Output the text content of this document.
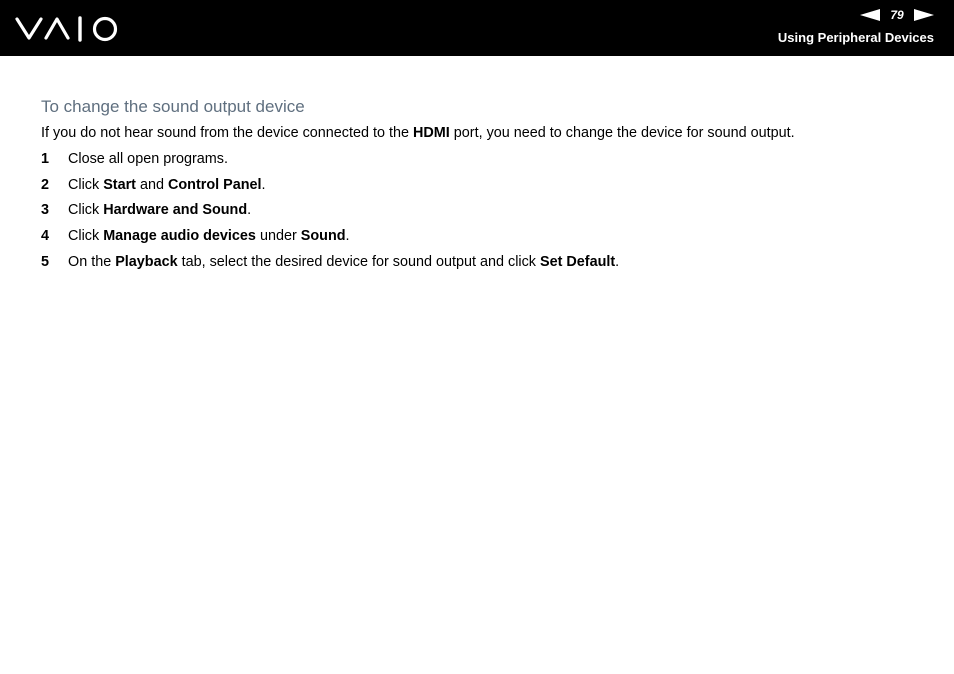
79
Using Peripheral Devices
To change the sound output device

If you do not hear sound from the device connected to the HDMI port, you need to change the device for sound output.

1	Close all open programs.
2	Click Start and Control Panel.
3	Click Hardware and Sound.
4	Click Manage audio devices under Sound.
5	On the Playback tab, select the desired device for sound output and click Set Default.
